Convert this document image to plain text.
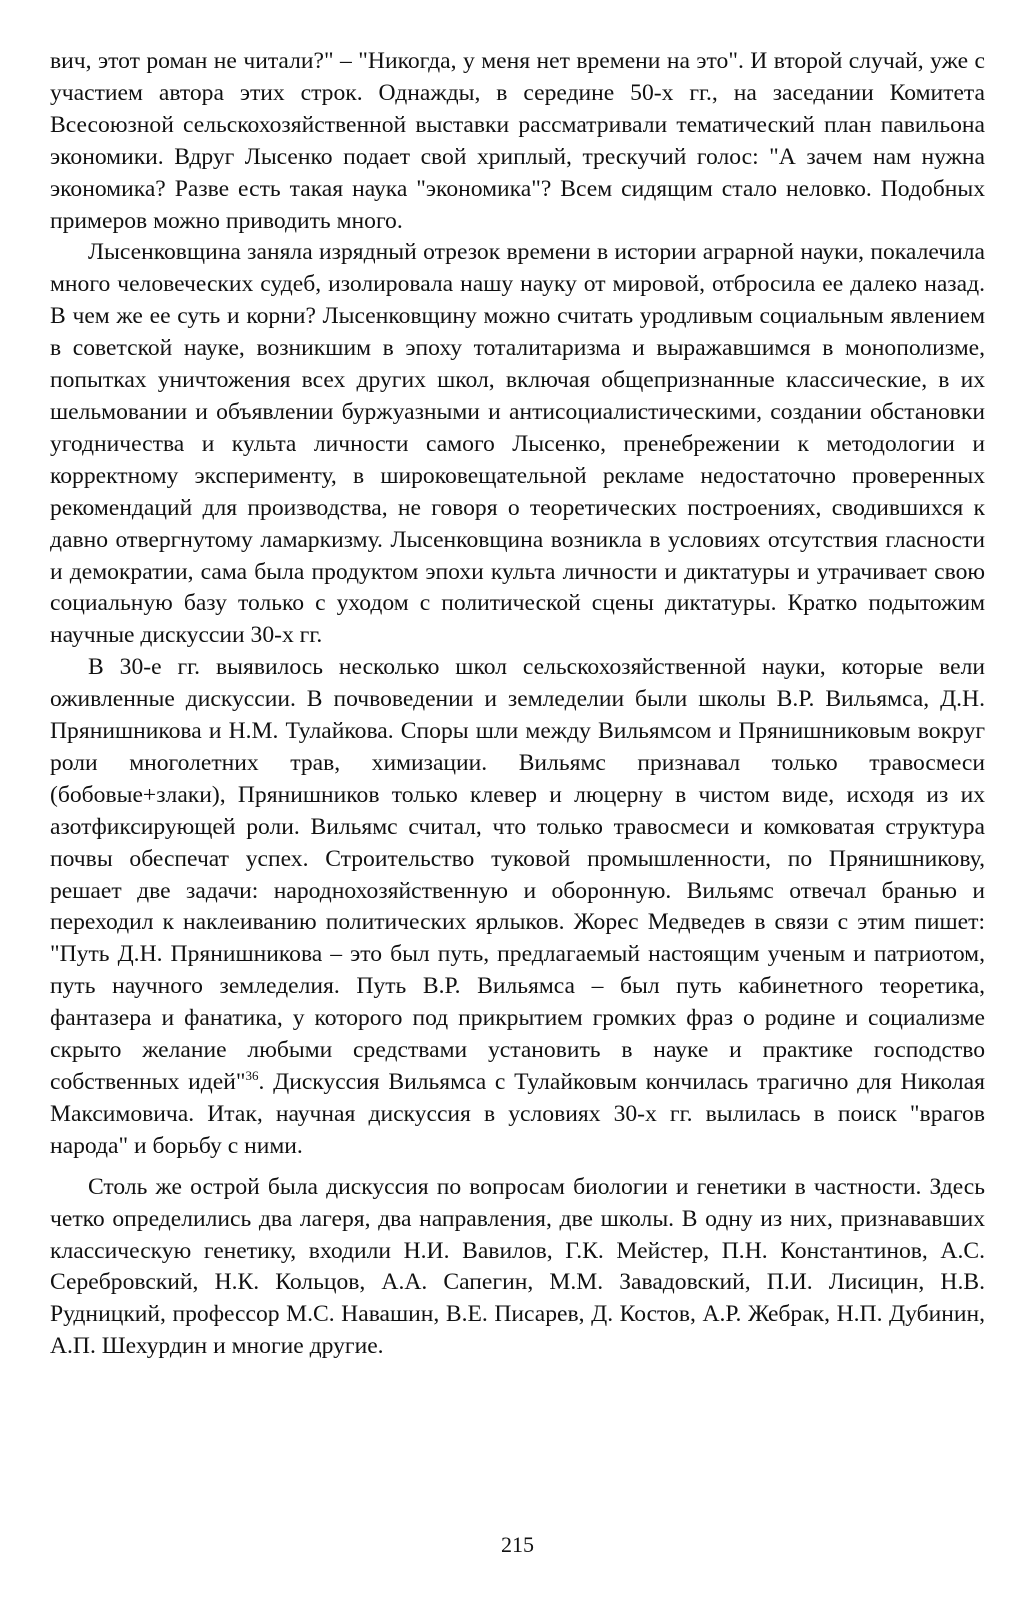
вич, этот роман не читали?" – "Никогда, у меня нет времени на это". И второй случай, уже с участием автора этих строк. Однажды, в середине 50-х гг., на заседании Комитета Всесоюзной сельскохозяйственной выставки рассматривали тематический план павильона экономики. Вдруг Лысенко подает свой хриплый, трескучий голос: "А зачем нам нужна экономика? Разве есть такая наука "экономика"? Всем сидящим стало неловко. Подобных примеров можно приводить много.

Лысенковщина заняла изрядный отрезок времени в истории аграрной науки, покалечила много человеческих судеб, изолировала нашу науку от мировой, отбросила ее далеко назад. В чем же ее суть и корни? Лысенковщину можно считать уродливым социальным явлением в советской науке, возникшим в эпоху тоталитаризма и выражавшимся в монополизме, попытках уничтожения всех других школ, включая общепризнанные классические, в их шельмовании и объявлении буржуазными и антисоциалистическими, создании обстановки угодничества и культа личности самого Лысенко, пренебрежении к методологии и корректному эксперименту, в широковещательной рекламе недостаточно проверенных рекомендаций для производства, не говоря о теоретических построениях, сводившихся к давно отвергнутому ламаркизму. Лысенковщина возникла в условиях отсутствия гласности и демократии, сама была продуктом эпохи культа личности и диктатуры и утрачивает свою социальную базу только с уходом с политической сцены диктатуры. Кратко подытожим научные дискуссии 30-х гг.

В 30-е гг. выявилось несколько школ сельскохозяйственной науки, которые вели оживленные дискуссии. В почвоведении и земледелии были школы В.Р. Вильямса, Д.Н. Прянишникова и Н.М. Тулайкова. Споры шли между Вильямсом и Прянишниковым вокруг роли многолетних трав, химизации. Вильямс признавал только травосмеси (бобовые+злаки), Прянишников только клевер и люцерну в чистом виде, исходя из их азотфиксирующей роли. Вильямс считал, что только травосмеси и комковатая структура почвы обеспечат успех. Строительство туковой промышленности, по Прянишникову, решает две задачи: народнохозяйственную и оборонную. Вильямс отвечал бранью и переходил к наклеиванию политических ярлыков. Жорес Медведев в связи с этим пишет: "Путь Д.Н. Прянишникова – это был путь, предлагаемый настоящим ученым и патриотом, путь научного земледелия. Путь В.Р. Вильямса – был путь кабинетного теоретика, фантазера и фанатика, у которого под прикрытием громких фраз о родине и социализме скрыто желание любыми средствами установить в науке и практике господство собственных идей"$^{36}$. Дискуссия Вильямса с Тулайковым кончилась трагично для Николая Максимовича. Итак, научная дискуссия в условиях 30-х гг. вылилась в поиск "врагов народа" и борьбу с ними.

Столь же острой была дискуссия по вопросам биологии и генетики в частности. Здесь четко определились два лагеря, два направления, две школы. В одну из них, признававших классическую генетику, входили Н.И. Вавилов, Г.К. Мейстер, П.Н. Константинов, А.С. Серебровский, Н.К. Кольцов, А.А. Сапегин, М.М. Завадовский, П.И. Лисицин, Н.В. Рудницкий, профессор М.С. Навашин, В.Е. Писарев, Д. Костов, А.Р. Жебрак, Н.П. Дубинин, А.П. Шехурдин и многие другие.

215
